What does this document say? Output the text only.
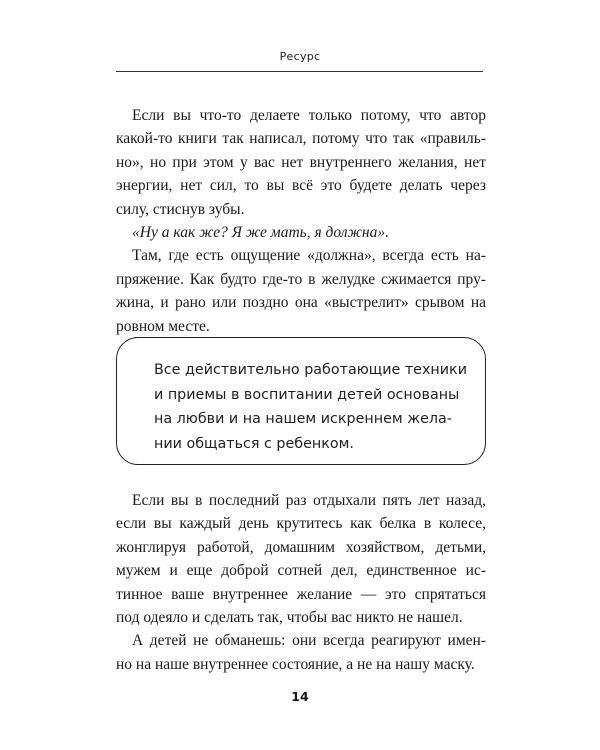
Ресурс
Если вы что-то делаете только потому, что автор
какой-то книги так написал, потому что так «правиль-
но», но при этом у вас нет внутреннего желания, нет
энергии, нет сил, то вы всё это будете делать через
силу, стиснув зубы.
«Ну а как же? Я же мать, я должна».
Там, где есть ощущение «должна», всегда есть на-
пряжение. Как будто где-то в желудке сжимается пру-
жина, и рано или поздно она «выстрелит» срывом на
ровном месте.
Все действительно работающие техники
и приемы в воспитании детей основаны
на любви и на нашем искреннем жела-
нии общаться с ребенком.
Если вы в последний раз отдыхали пять лет назад,
если вы каждый день крутитесь как белка в колесе,
жонглируя работой, домашним хозяйством, детьми,
мужем и еще доброй сотней дел, единственное ис-
тинное ваше внутреннее желание — это спрятаться
под одеяло и сделать так, чтобы вас никто не нашел.
А детей не обманешь: они всегда реагируют имен-
но на наше внутреннее состояние, а не на нашу маску.
14
